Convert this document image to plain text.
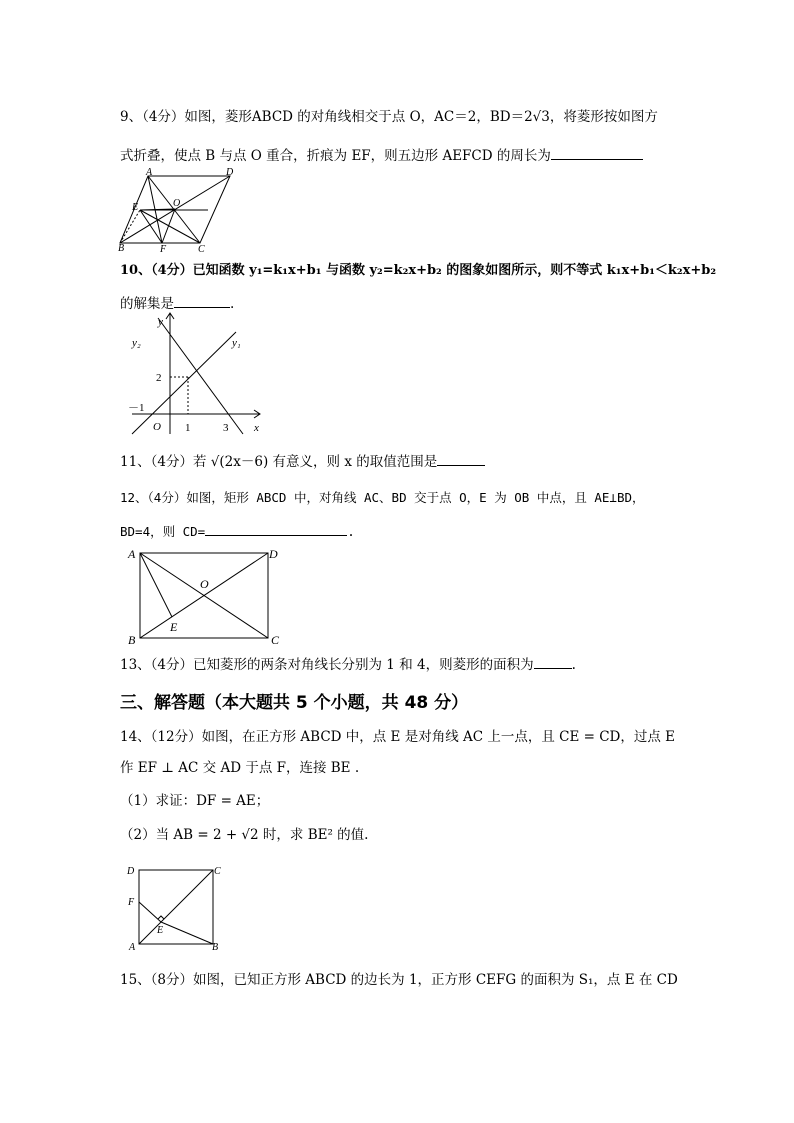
9、（4分）如图，菱形ABCD 的对角线相交于点 O，AC＝2，BD＝2√3，将菱形按如图方
式折叠，使点 B 与点 O 重合，折痕为 EF，则五边形 AEFCD 的周长为
A	D
E	O
B	F	C
10、（4分）已知函数 y₁=k₁x+b₁ 与函数 y₂=k₂x+b₂ 的图象如图所示，则不等式 k₁x+b₁＜k₂x+b₂
的解集是	.
y
y₂	y₁
2
－1
O 1	3 x
11、（4分）若 √(2x－6) 有意义，则 x 的取值范围是
12、（4分）如图，矩形 ABCD 中，对角线 AC、BD 交于点 O，E 为 OB 中点，且 AE⊥BD，
BD=4，则 CD=	.
A	D
O
E
B	C
13、（4分）已知菱形的两条对角线长分别为 1 和 4，则菱形的面积为	.
三、解答题（本大题共 5 个小题，共 48 分）
14、（12分）如图，在正方形 ABCD 中，点 E 是对角线 AC 上一点，且 CE = CD，过点 E
作 EF ⊥ AC 交 AD 于点 F，连接 BE .
（1）求证：DF = AE；
（2）当 AB = 2 + √2 时，求 BE² 的值.
D	C
F
E
A	B
15、（8分）如图，已知正方形 ABCD 的边长为 1，正方形 CEFG 的面积为 S₁，点 E 在 CD
